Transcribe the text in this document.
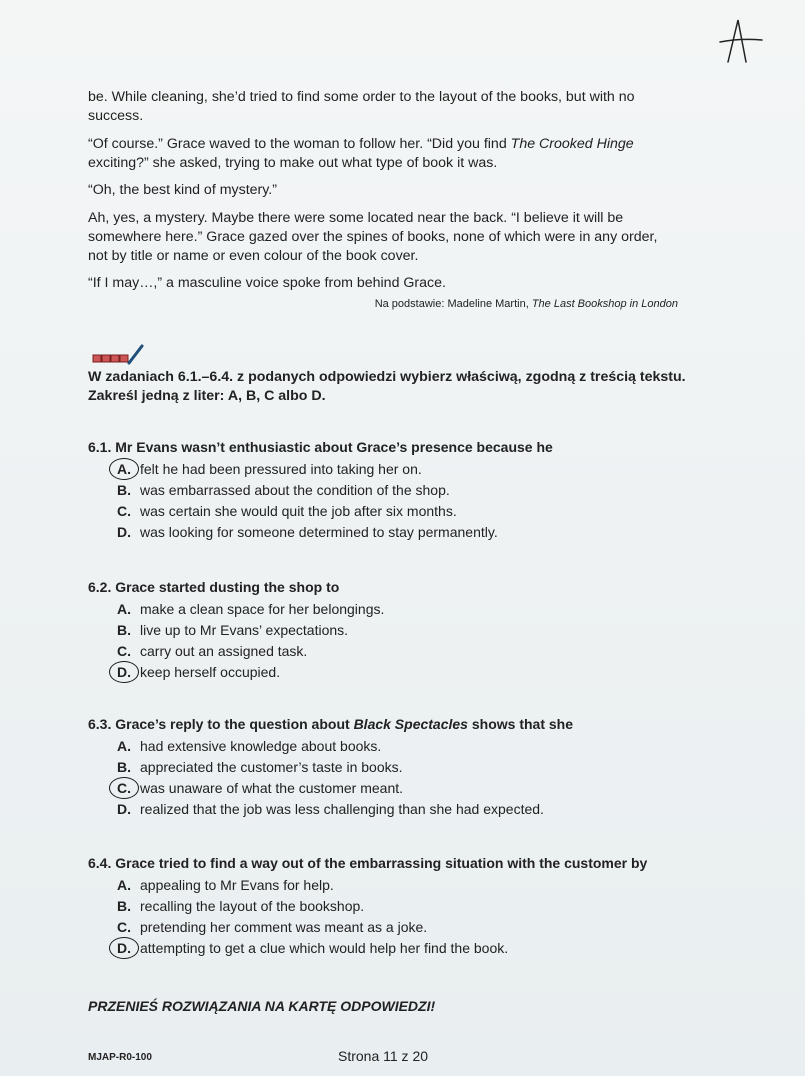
be. While cleaning, she’d tried to find some order to the layout of the books, but with no success.

“Of course.” Grace waved to the woman to follow her. “Did you find The Crooked Hinge exciting?” she asked, trying to make out what type of book it was.

“Oh, the best kind of mystery.”

Ah, yes, a mystery. Maybe there were some located near the back. “I believe it will be somewhere here.” Grace gazed over the spines of books, none of which were in any order, not by title or name or even colour of the book cover.

“If I may…,” a masculine voice spoke from behind Grace.

Na podstawie: Madeline Martin, The Last Bookshop in London
W zadaniach 6.1.–6.4. z podanych odpowiedzi wybierz właściwą, zgodną z treścią tekstu. Zakreśl jedną z liter: A, B, C albo D.
6.1. Mr Evans wasn’t enthusiastic about Grace’s presence because he
A. felt he had been pressured into taking her on.
B. was embarrassed about the condition of the shop.
C. was certain she would quit the job after six months.
D. was looking for someone determined to stay permanently.
6.2. Grace started dusting the shop to
A. make a clean space for her belongings.
B. live up to Mr Evans’ expectations.
C. carry out an assigned task.
D. keep herself occupied.
6.3. Grace’s reply to the question about Black Spectacles shows that she
A. had extensive knowledge about books.
B. appreciated the customer’s taste in books.
C. was unaware of what the customer meant.
D. realized that the job was less challenging than she had expected.
6.4. Grace tried to find a way out of the embarrassing situation with the customer by
A. appealing to Mr Evans for help.
B. recalling the layout of the bookshop.
C. pretending her comment was meant as a joke.
D. attempting to get a clue which would help her find the book.
PRZENIEŚ ROZWIĄZANIA NA KARTĘ ODPOWIEDZI!
MJAP-R0-100	Strona 11 z 20
